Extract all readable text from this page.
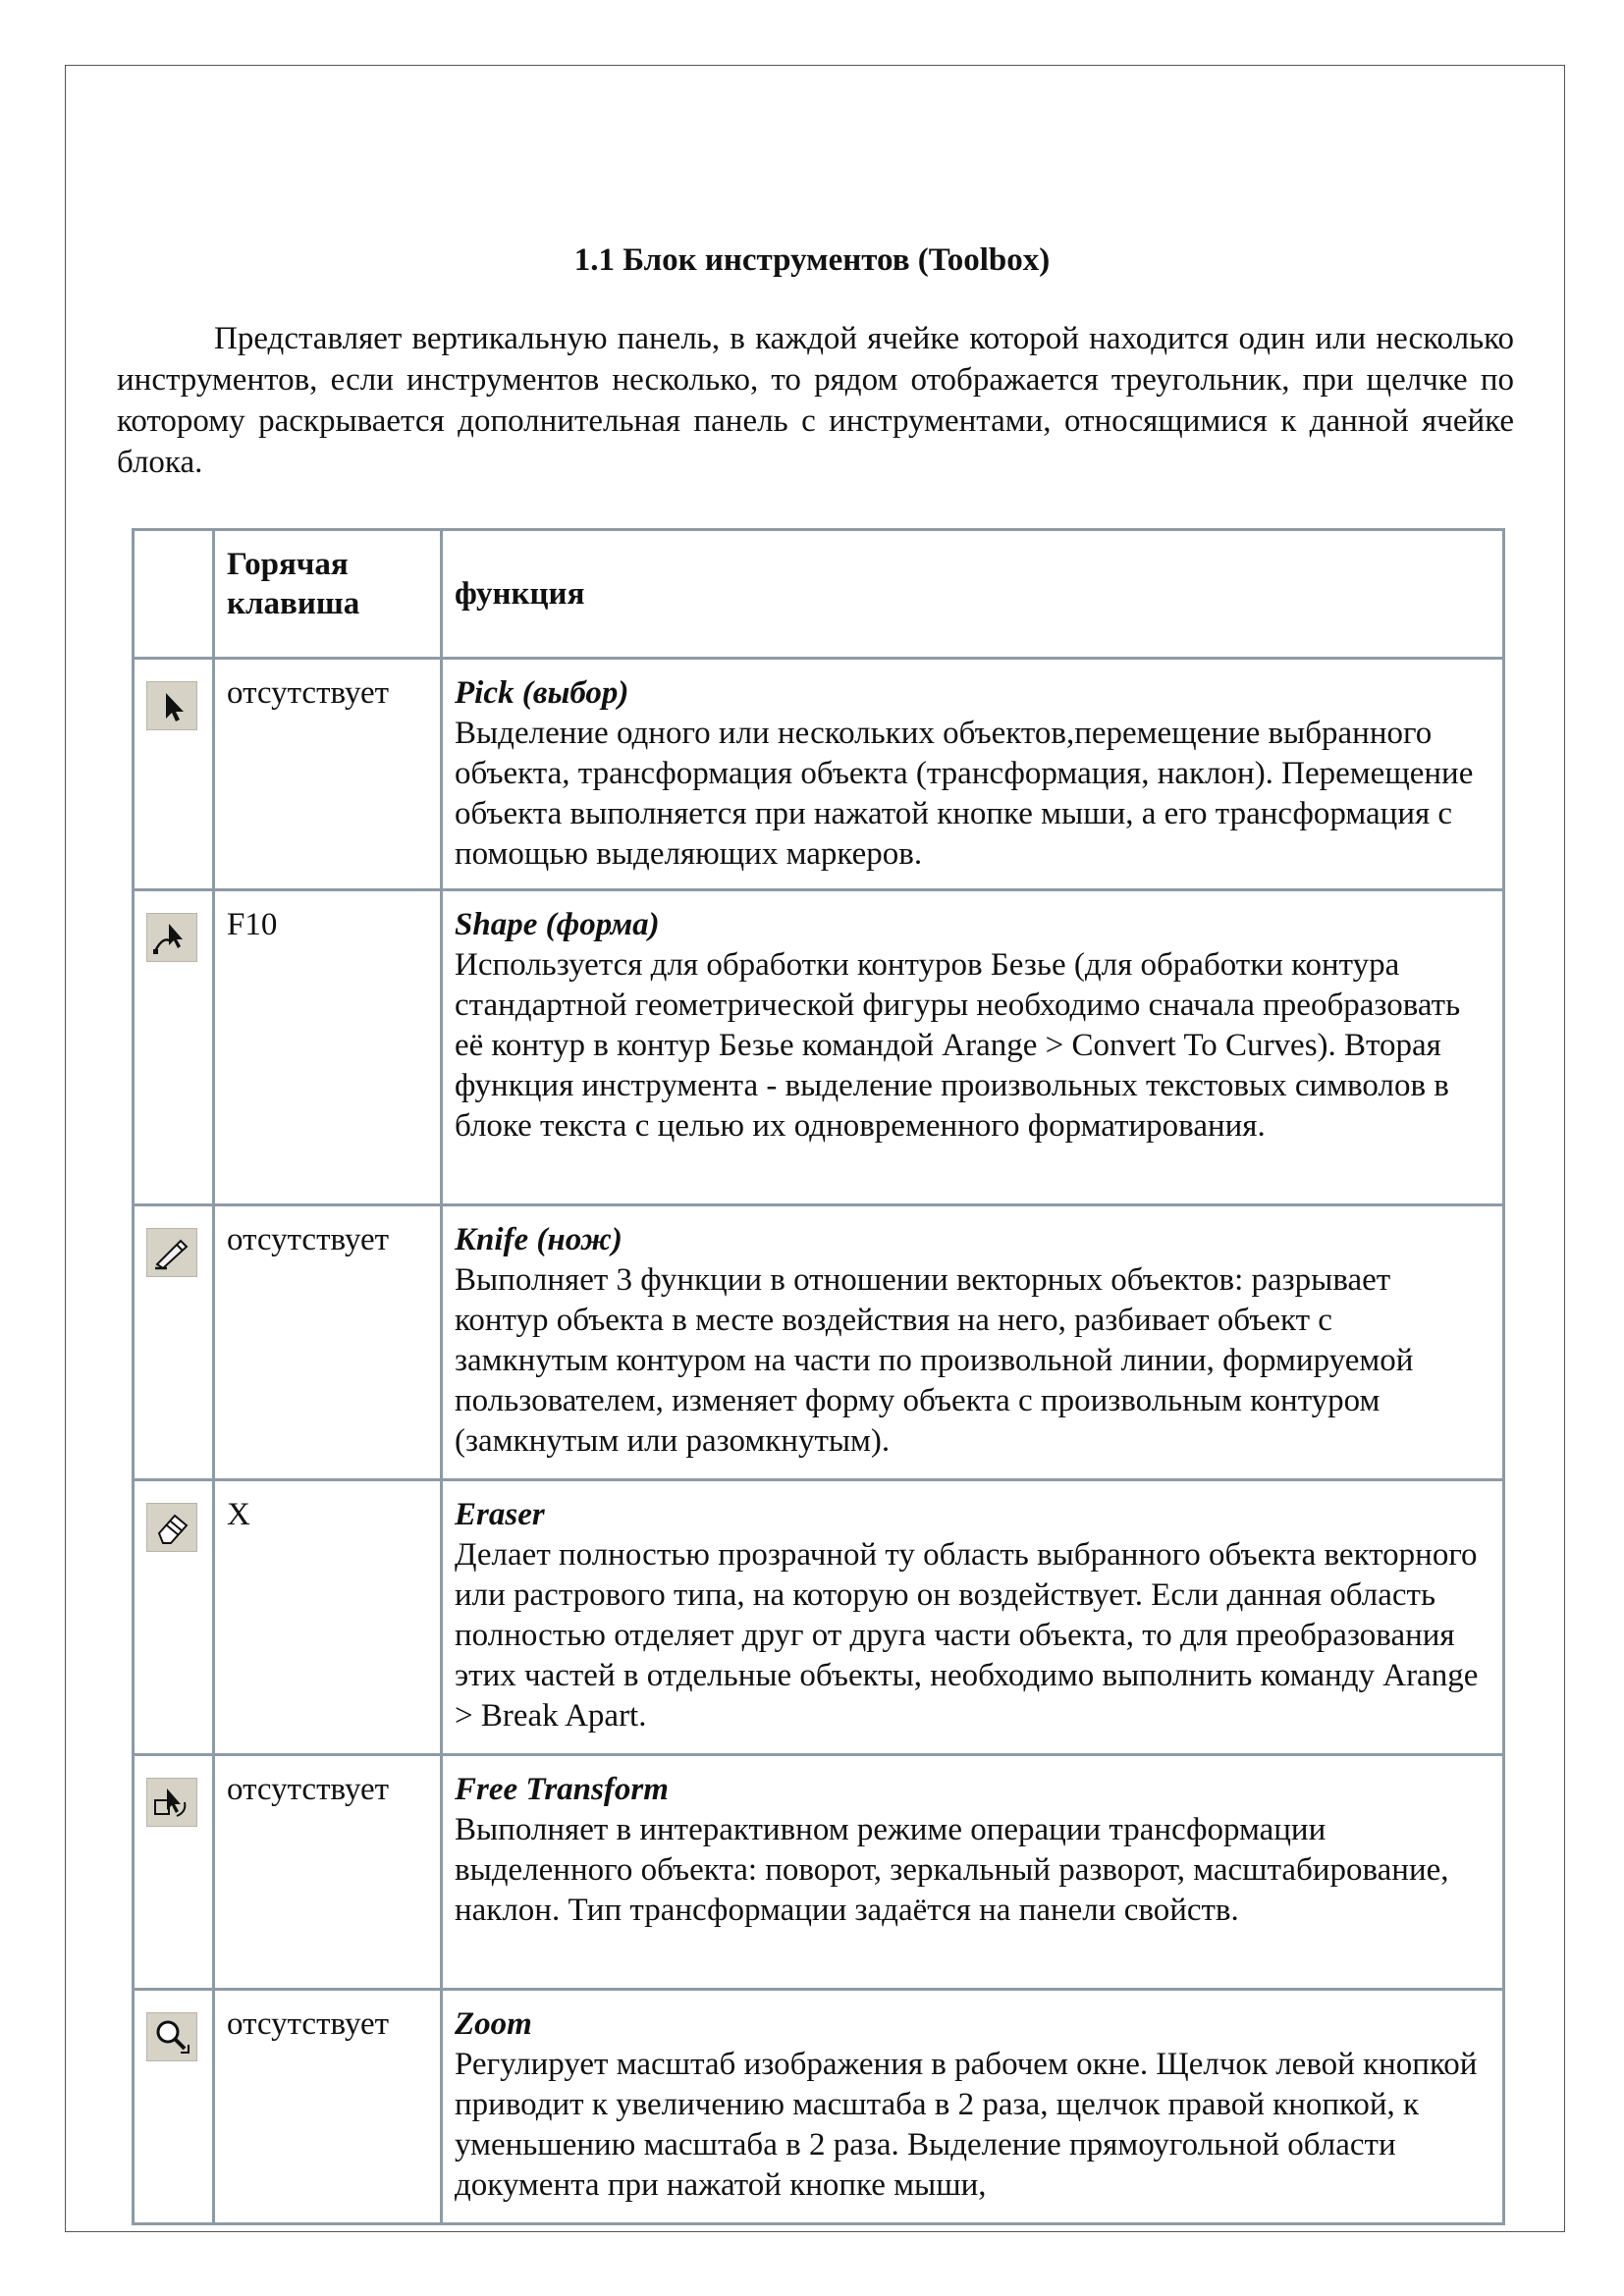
1.1 Блок инструментов (Toolbox)

Представляет вертикальную панель, в каждой ячейке которой находится один или несколько инструментов, если инструментов несколько, то рядом отображается треугольник, при щелчке по которому раскрывается дополнительная панель с инструментами, относящимися к данной ячейке блока.

	Горячая клавиша	функция

	отсутствует	Pick (выбор)
Выделение одного или нескольких объектов,перемещение выбранного объекта, трансформация объекта (трансформация, наклон). Перемещение объекта выполняется при нажатой кнопке мыши, а его трансформация с помощью выделяющих маркеров.

	F10	Shape (форма)
Используется для обработки контуров Безье (для обработки контура стандартной геометрической фигуры необходимо сначала преобразовать её контур в контур Безье командой Arange > Convert To Curves). Вторая функция инструмента - выделение произвольных текстовых символов в блоке текста с целью их одновременного форматирования.

	отсутствует	Knife (нож)
Выполняет 3 функции в отношении векторных объектов: разрывает контур объекта в месте воздействия на него, разбивает объект с замкнутым контуром на части по произвольной линии, формируемой пользователем, изменяет форму объекта с произвольным контуром (замкнутым или разомкнутым).

	X	Eraser
Делает полностью прозрачной ту область выбранного объекта векторного или растрового типа, на которую он воздействует. Если данная область полностью отделяет друг от друга части объекта, то для преобразования этих частей в отдельные объекты, необходимо выполнить команду Arange > Break Apart.

	отсутствует	Free Transform
Выполняет в интерактивном режиме операции трансформации выделенного объекта: поворот, зеркальный разворот, масштабирование, наклон. Тип трансформации задаётся на панели свойств.

	отсутствует	Zoom
Регулирует масштаб изображения в рабочем окне. Щелчок левой кнопкой приводит к увеличению масштаба в 2 раза, щелчок правой кнопкой, к уменьшению масштаба в 2 раза. Выделение прямоугольной области документа при нажатой кнопке мыши,
